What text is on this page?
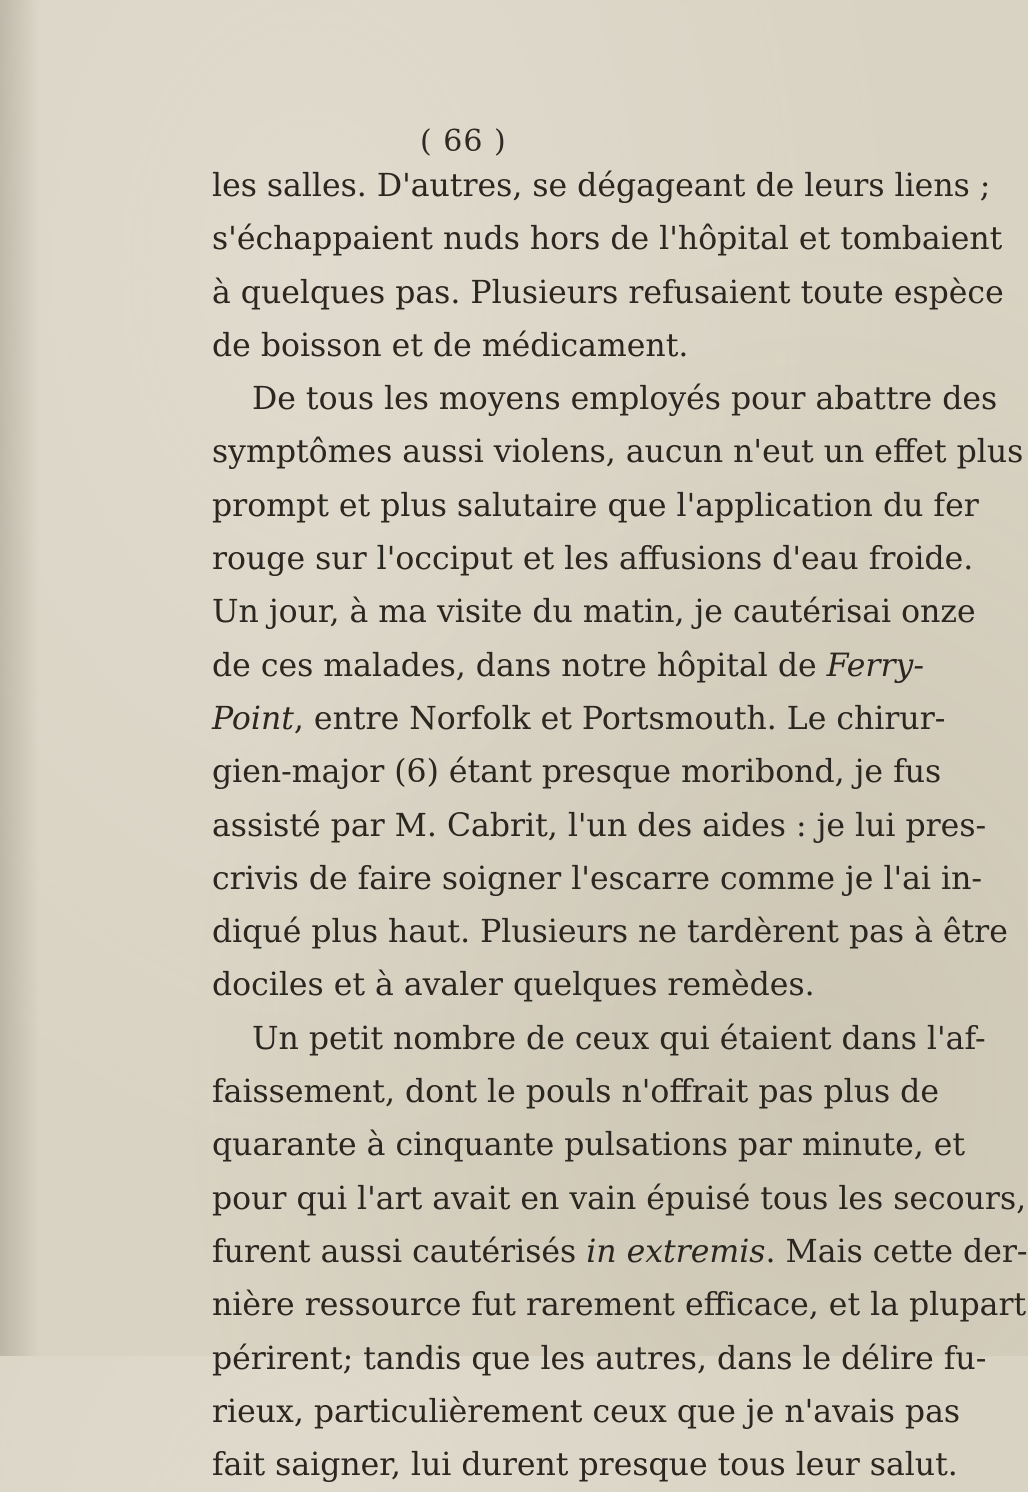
( 66 )
les salles. D'autres, se dégageant de leurs liens ;
s'échappaient nuds hors de l'hôpital et tombaient
à quelques pas. Plusieurs refusaient toute espèce
de boisson et de médicament.
De tous les moyens employés pour abattre des
symptômes aussi violens, aucun n'eut un effet plus
prompt et plus salutaire que l'application du fer
rouge sur l'occiput et les affusions d'eau froide.
Un jour, à ma visite du matin, je cautérisai onze
de ces malades, dans notre hôpital de Ferry-
Point, entre Norfolk et Portsmouth. Le chirur-
gien-major (6) étant presque moribond, je fus
assisté par M. Cabrit, l'un des aides : je lui pres-
crivis de faire soigner l'escarre comme je l'ai in-
diqué plus haut. Plusieurs ne tardèrent pas à être
dociles et à avaler quelques remèdes.
Un petit nombre de ceux qui étaient dans l'af-
faissement, dont le pouls n'offrait pas plus de
quarante à cinquante pulsations par minute, et
pour qui l'art avait en vain épuisé tous les secours,
furent aussi cautérisés in extremis. Mais cette der-
nière ressource fut rarement efficace, et la plupart
périrent; tandis que les autres, dans le délire fu-
rieux, particulièrement ceux que je n'avais pas
fait saigner, lui durent presque tous leur salut.
